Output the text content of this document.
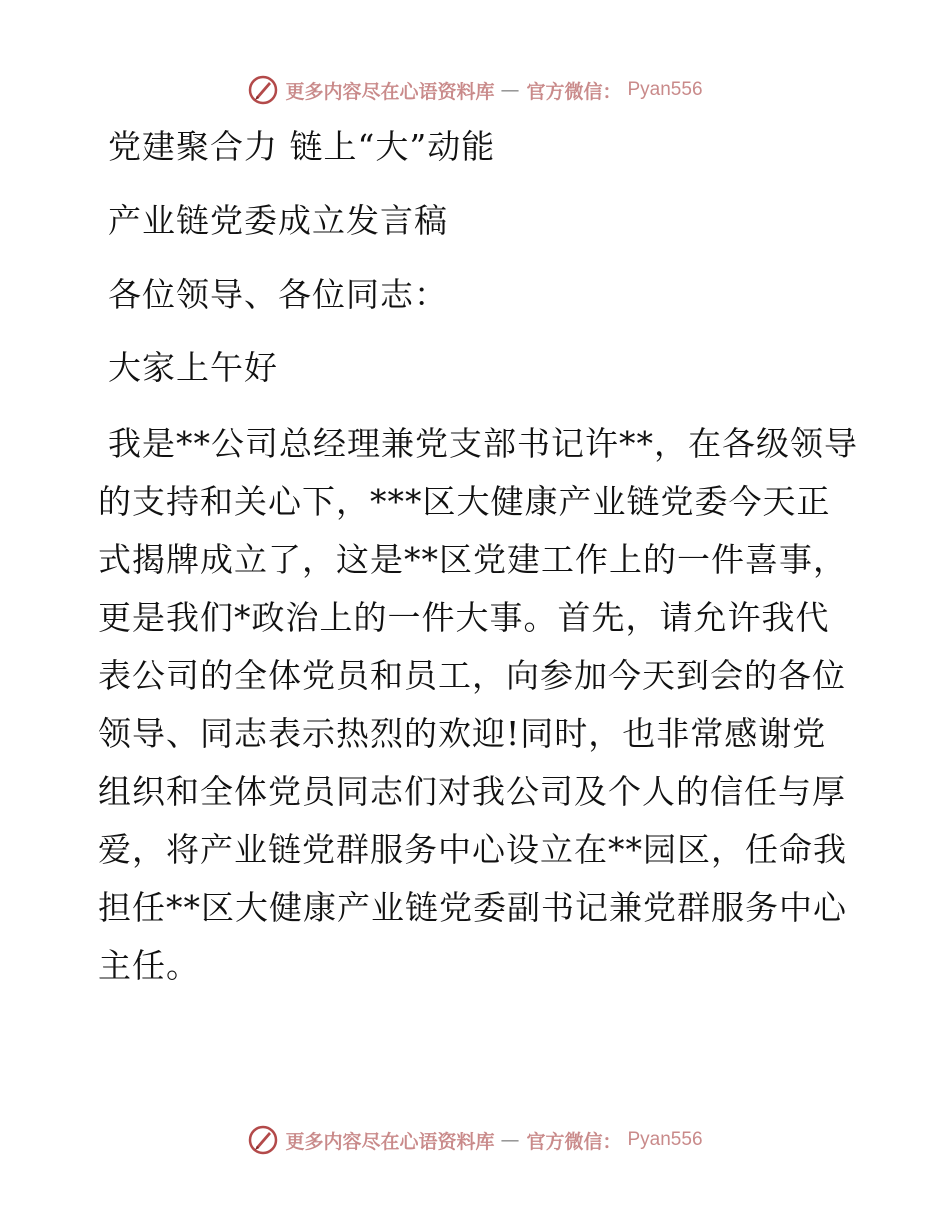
更多内容尽在心语资料库 — 官方微信： Pyan556
党建聚合力 链上“大”动能
产业链党委成立发言稿
各位领导、各位同志：
大家上午好
我是**公司总经理兼党支部书记许**，在各级领导的支持和关心下，***区大健康产业链党委今天正式揭牌成立了，这是**区党建工作上的一件喜事，更是我们*政治上的一件大事。首先，请允许我代表公司的全体党员和员工，向参加今天到会的各位领导、同志表示热烈的欢迎!同时，也非常感谢党组织和全体党员同志们对我公司及个人的信任与厚爱，将产业链党群服务中心设立在**园区，任命我担任**区大健康产业链党委副书记兼党群服务中心主任。
更多内容尽在心语资料库 — 官方微信： Pyan556
